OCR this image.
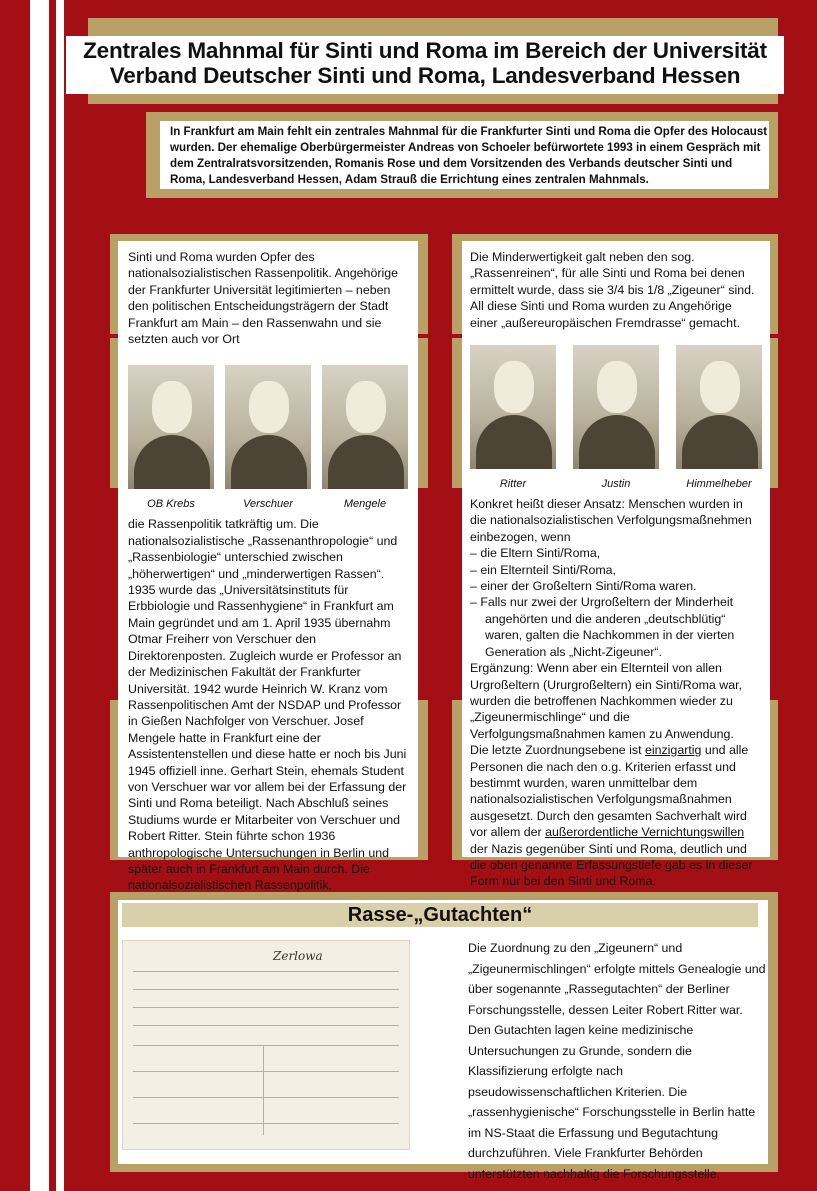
Zentrales Mahnmal für Sinti und Roma im Bereich der Universität
Verband Deutscher Sinti und Roma, Landesverband Hessen
In Frankfurt am Main fehlt ein zentrales Mahnmal für die Frankfurter Sinti und Roma die Opfer des Holocaust wurden. Der ehemalige Oberbürgermeister Andreas von Schoeler befürwortete 1993 in einem Gespräch mit dem Zentralratsvorsitzenden, Romanis Rose und dem Vorsitzenden des Verbands deutscher Sinti und Roma, Landesverband Hessen, Adam Strauß die Errichtung eines zentralen Mahnmals.

Sinti und Roma wurden Opfer des nationalsozialistischen Rassenpolitik. Angehörige der Frankfurter Universität legitimierten – neben den politischen Entscheidungsträgern der Stadt Frankfurt am Main – den Rassenwahn und sie setzten auch vor Ort

OB Krebs	Verschuer	Mengele

die Rassenpolitik tatkräftig um. Die nationalsozialistische „Rassenanthropologie“ und „Rassenbiologie“ unterschied zwischen „höherwertigen“ und „minderwertigen Rassen“. 1935 wurde das „Universitätsinstituts für Erbbiologie und Rassenhygiene“ in Frankfurt am Main gegründet und am 1. April 1935 übernahm Otmar Freiherr von Verschuer den Direktorenposten. Zugleich wurde er Professor an der Medizinischen Fakultät der Frankfurter Universität. 1942 wurde Heinrich W. Kranz vom Rassenpolitischen Amt der NSDAP und Professor in Gießen Nachfolger von Verschuer. Josef Mengele hatte in Frankfurt eine der Assistentenstellen und diese hatte er noch bis Juni 1945 offiziell inne. Gerhart Stein, ehemals Student von Verschuer war vor allem bei der Erfassung der Sinti und Roma beteiligt. Nach Abschluß seines Studiums wurde er Mitarbeiter von Verschuer und Robert Ritter. Stein führte schon 1936 anthropologische Untersuchungen in Berlin und später auch in Frankfurt am Main durch. Die nationalsozialistischen Rassenpolitik,

Die Minderwertigkeit galt neben den sog. „Rassenreinen“, für alle Sinti und Roma bei denen ermittelt wurde, dass sie 3/4 bis 1/8 „Zigeuner“ sind. All diese Sinti und Roma wurden zu Angehörige einer „außereuropäischen Fremdrasse“ gemacht.

Ritter	Justin	Himmelheber

Konkret heißt dieser Ansatz: Menschen wurden in die nationalsozialistischen Verfolgungsmaßnehmen einbezogen, wenn

– die Eltern Sinti/Roma,

– ein Elternteil Sinti/Roma,

– einer der Großeltern Sinti/Roma waren.

– Falls nur zwei der Urgroßeltern der Minderheit angehörten und die anderen „deutschblütig“ waren, galten die Nachkommen in der vierten Generation als „Nicht-Zigeuner“.

Ergänzung: Wenn aber ein Elternteil von allen Urgroßeltern (Ururgroßeltern) ein Sinti/Roma war, wurden die betroffenen Nachkommen wieder zu „Zigeunermischlinge“ und die Verfolgungsmaßnahmen kamen zu Anwendung.

Die letzte Zuordnungsebene ist einzigartig und alle Personen die nach den o.g. Kriterien erfasst und bestimmt wurden, waren unmittelbar dem nationalsozialistischen Verfolgungsmaßnahmen ausgesetzt. Durch den gesamten Sachverhalt wird vor allem der außerordentliche Vernichtungswillen der Nazis gegenüber Sinti und Roma, deutlich und die oben genannte Erfassungstiefe gab es in dieser Form nur bei den Sinti und Roma.

Rasse-„Gutachten“
Zerlowa
Die Zuordnung zu den „Zigeunern“ und „Zigeunermischlingen“ erfolgte mittels Genealogie und über sogenannte „Rassegutachten“ der Berliner Forschungsstelle, dessen Leiter Robert Ritter war. Den Gutachten lagen keine medizinische Untersuchungen zu Grunde, sondern die Klassifizierung erfolgte nach pseudowissenschaftlichen Kriterien. Die „rassenhygienische“ Forschungsstelle in Berlin hatte im NS-Staat die Erfassung und Begutachtung durchzuführen. Viele Frankfurter Behörden unterstützten nachhaltig die Forschungsstelle.
